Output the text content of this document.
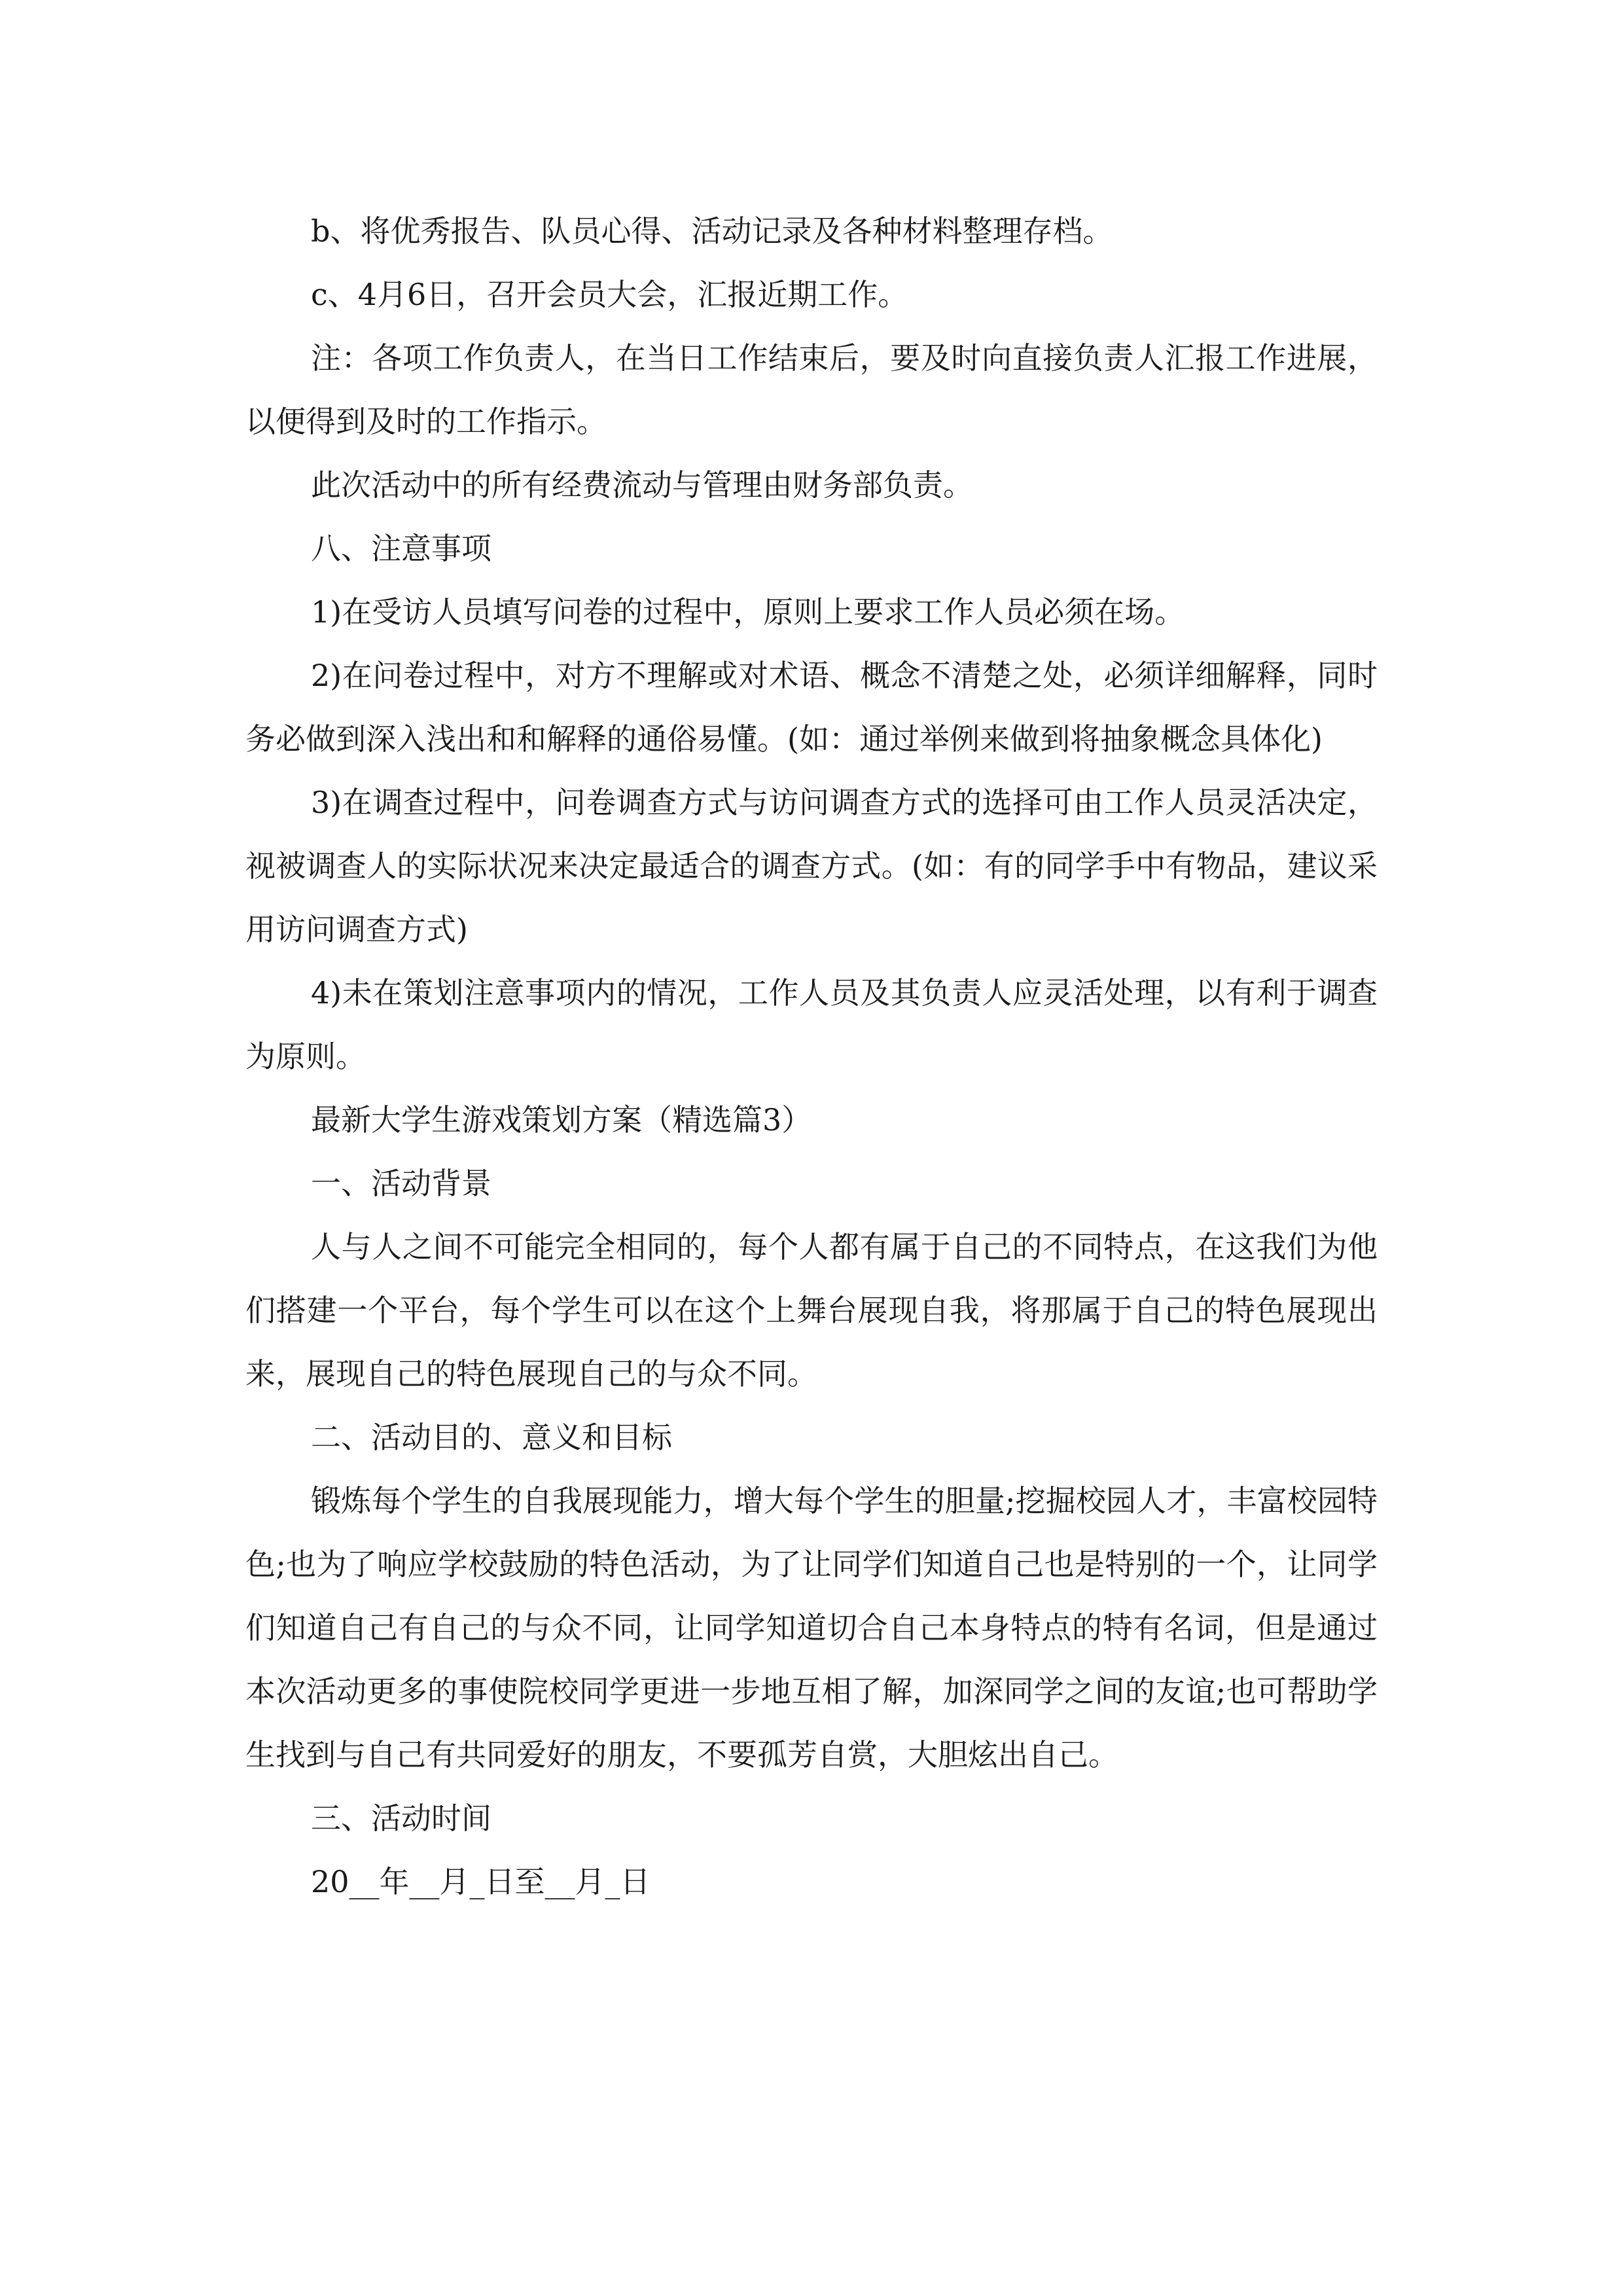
b、将优秀报告、队员心得、活动记录及各种材料整理存档。

c、4月6日，召开会员大会，汇报近期工作。

注：各项工作负责人，在当日工作结束后，要及时向直接负责人汇报工作进展，以便得到及时的工作指示。

此次活动中的所有经费流动与管理由财务部负责。

八、注意事项

1)在受访人员填写问卷的过程中，原则上要求工作人员必须在场。

2)在问卷过程中，对方不理解或对术语、概念不清楚之处，必须详细解释，同时务必做到深入浅出和和解释的通俗易懂。(如：通过举例来做到将抽象概念具体化)

3)在调查过程中，问卷调查方式与访问调查方式的选择可由工作人员灵活决定，视被调查人的实际状况来决定最适合的调查方式。(如：有的同学手中有物品，建议采用访问调查方式)

4)未在策划注意事项内的情况，工作人员及其负责人应灵活处理，以有利于调查为原则。

最新大学生游戏策划方案（精选篇3）

一、活动背景

人与人之间不可能完全相同的，每个人都有属于自己的不同特点，在这我们为他们搭建一个平台，每个学生可以在这个上舞台展现自我，将那属于自己的特色展现出来，展现自己的特色展现自己的与众不同。

二、活动目的、意义和目标

锻炼每个学生的自我展现能力，增大每个学生的胆量;挖掘校园人才，丰富校园特色;也为了响应学校鼓励的特色活动，为了让同学们知道自己也是特别的一个，让同学们知道自己有自己的与众不同，让同学知道切合自己本身特点的特有名词，但是通过本次活动更多的事使院校同学更进一步地互相了解，加深同学之间的友谊;也可帮助学生找到与自己有共同爱好的朋友，不要孤芳自赏，大胆炫出自己。

三、活动时间

20__年__月_日至__月_日
